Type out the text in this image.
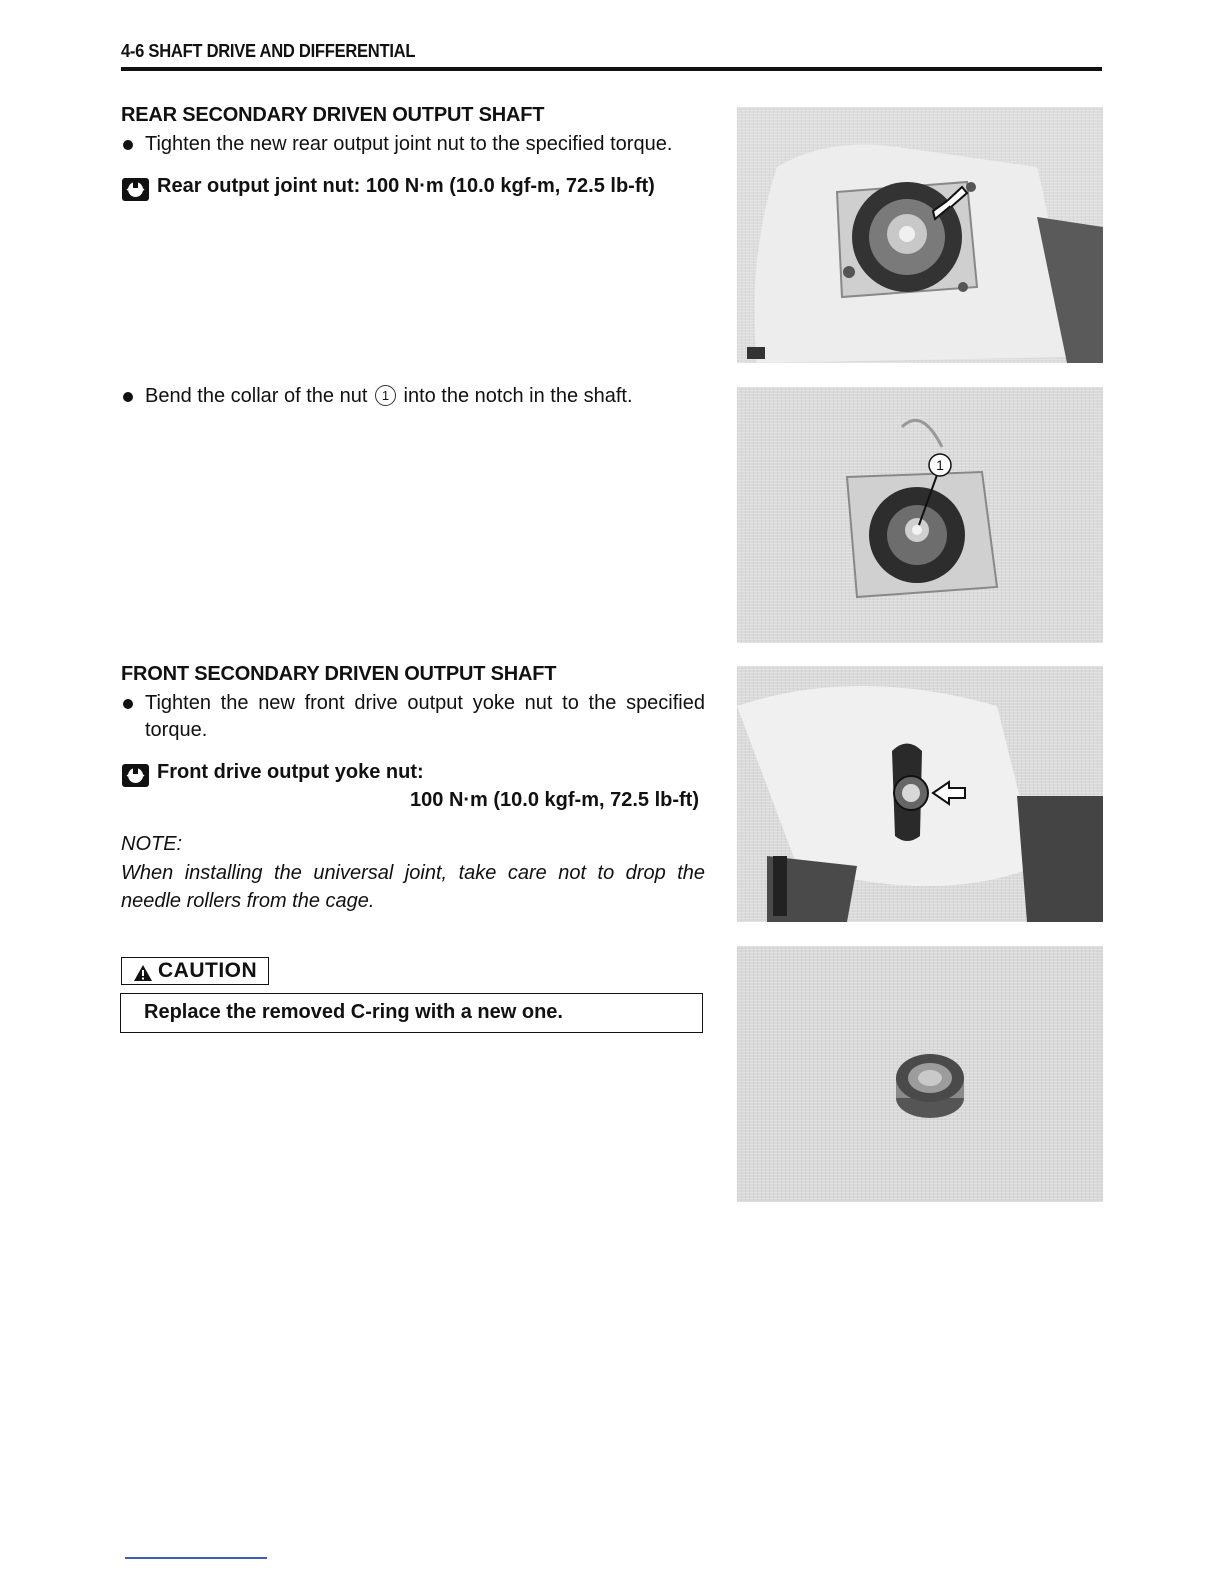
4-6 SHAFT DRIVE AND DIFFERENTIAL
REAR SECONDARY DRIVEN OUTPUT SHAFT
Tighten the new rear output joint nut to the specified torque.
Rear output joint nut: 100 N·m (10.0 kgf-m, 72.5 lb-ft)
Bend the collar of the nut 1 into the notch in the shaft.
FRONT SECONDARY DRIVEN OUTPUT SHAFT
Tighten the new front drive output yoke nut to the specified torque.
Front drive output yoke nut:
100 N·m (10.0 kgf-m, 72.5 lb-ft)
NOTE:
When installing the universal joint, take care not to drop the needle rollers from the cage.
CAUTION
Replace the removed C-ring with a new one.
1
